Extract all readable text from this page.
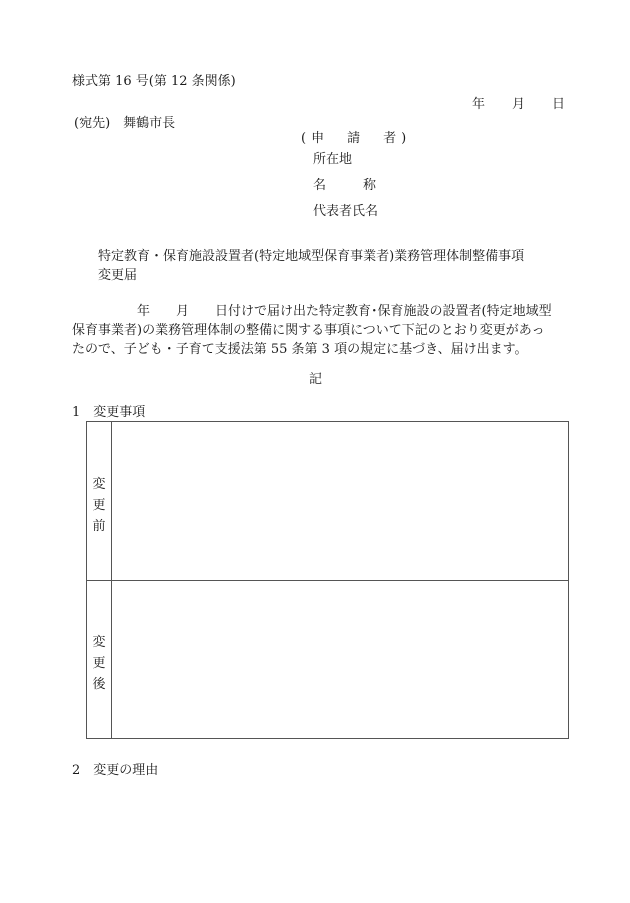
様式第 16 号(第 12 条関係)
年 月 日
(宛先)　舞鶴市長
(申　請　者)
所在地
名　称
代表者氏名
特定教育・保育施設設置者(特定地域型保育事業者)業務管理体制整備事項
変更届
　　　　　年　　月　　日付けで届け出た特定教育･保育施設の設置者(特定地域型
保育事業者)の業務管理体制の整備に関する事項について下記のとおり変更があっ
たので、子ども・子育て支援法第 55 条第 3 項の規定に基づき、届け出ます。
記
1　変更事項
変
更
前
変
更
後
2　変更の理由
